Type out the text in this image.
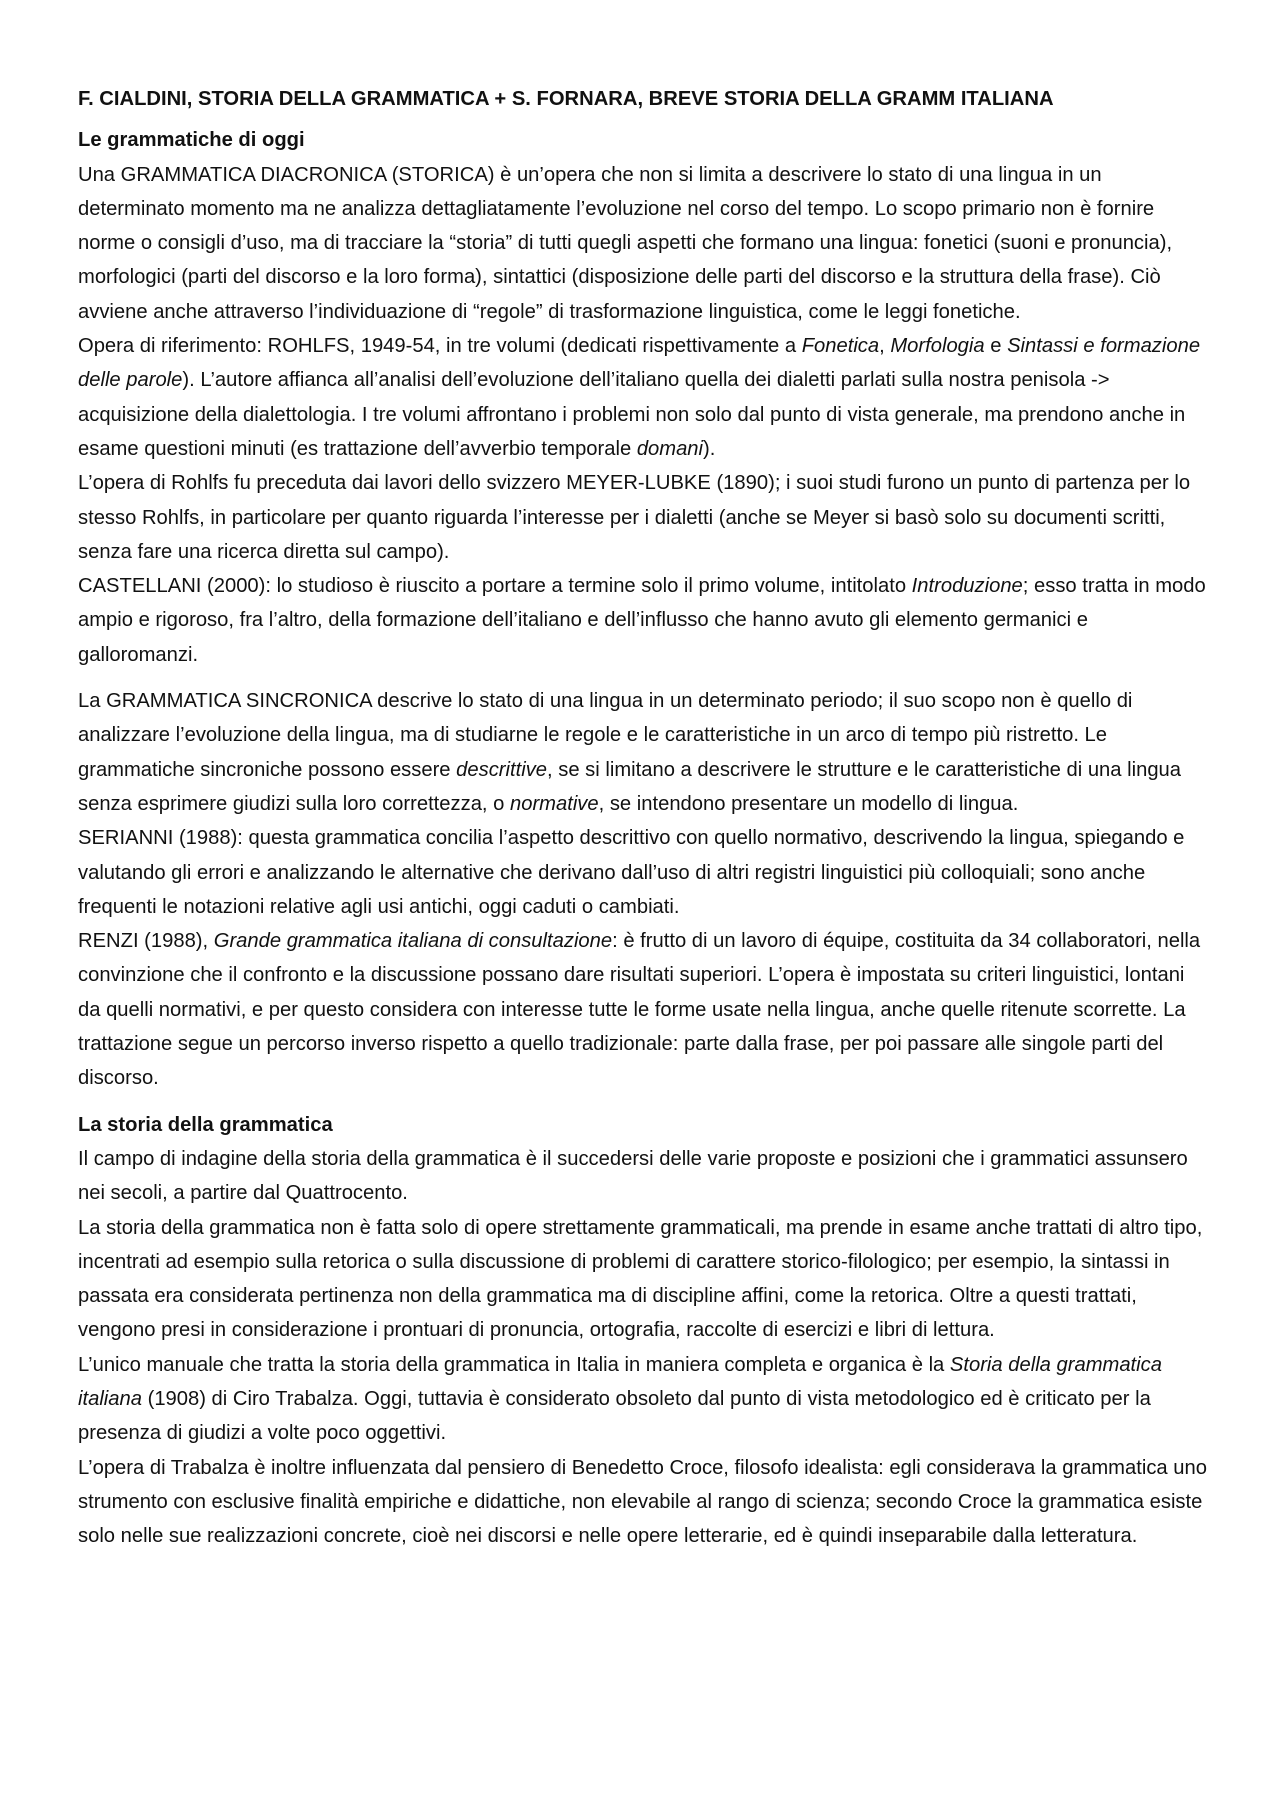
F. CIALDINI, STORIA DELLA GRAMMATICA + S. FORNARA, BREVE STORIA DELLA GRAMM ITALIANA
Le grammatiche di oggi

Una GRAMMATICA DIACRONICA (STORICA) è un’opera che non si limita a descrivere lo stato di una lingua in un determinato momento ma ne analizza dettagliatamente l’evoluzione nel corso del tempo. Lo scopo primario non è fornire norme o consigli d’uso, ma di tracciare la “storia” di tutti quegli aspetti che formano una lingua: fonetici (suoni e pronuncia), morfologici (parti del discorso e la loro forma), sintattici (disposizione delle parti del discorso e la struttura della frase). Ciò avviene anche attraverso l’individuazione di “regole” di trasformazione linguistica, come le leggi fonetiche.

Opera di riferimento: ROHLFS, 1949-54, in tre volumi (dedicati rispettivamente a Fonetica, Morfologia e Sintassi e formazione delle parole). L’autore affianca all’analisi dell’evoluzione dell’italiano quella dei dialetti parlati sulla nostra penisola -> acquisizione della dialettologia. I tre volumi affrontano i problemi non solo dal punto di vista generale, ma prendono anche in esame questioni minuti (es trattazione dell’avverbio temporale domani).

L’opera di Rohlfs fu preceduta dai lavori dello svizzero MEYER-LUBKE (1890); i suoi studi furono un punto di partenza per lo stesso Rohlfs, in particolare per quanto riguarda l’interesse per i dialetti (anche se Meyer si basò solo su documenti scritti, senza fare una ricerca diretta sul campo).

CASTELLANI (2000): lo studioso è riuscito a portare a termine solo il primo volume, intitolato Introduzione; esso tratta in modo ampio e rigoroso, fra l’altro, della formazione dell’italiano e dell’influsso che hanno avuto gli elemento germanici e galloromanzi.

La GRAMMATICA SINCRONICA descrive lo stato di una lingua in un determinato periodo; il suo scopo non è quello di analizzare l’evoluzione della lingua, ma di studiarne le regole e le caratteristiche in un arco di tempo più ristretto. Le grammatiche sincroniche possono essere descrittive, se si limitano a descrivere le strutture e le caratteristiche di una lingua senza esprimere giudizi sulla loro correttezza, o normative, se intendono presentare un modello di lingua.

SERIANNI (1988): questa grammatica concilia l’aspetto descrittivo con quello normativo, descrivendo la lingua, spiegando e valutando gli errori e analizzando le alternative che derivano dall’uso di altri registri linguistici più colloquiali; sono anche frequenti le notazioni relative agli usi antichi, oggi caduti o cambiati.

RENZI (1988), Grande grammatica italiana di consultazione: è frutto di un lavoro di équipe, costituita da 34 collaboratori, nella convinzione che il confronto e la discussione possano dare risultati superiori. L’opera è impostata su criteri linguistici, lontani da quelli normativi, e per questo considera con interesse tutte le forme usate nella lingua, anche quelle ritenute scorrette. La trattazione segue un percorso inverso rispetto a quello tradizionale: parte dalla frase, per poi passare alle singole parti del discorso.

La storia della grammatica

Il campo di indagine della storia della grammatica è il succedersi delle varie proposte e posizioni che i grammatici assunsero nei secoli, a partire dal Quattrocento.

La storia della grammatica non è fatta solo di opere strettamente grammaticali, ma prende in esame anche trattati di altro tipo, incentrati ad esempio sulla retorica o sulla discussione di problemi di carattere storico-filologico; per esempio, la sintassi in passata era considerata pertinenza non della grammatica ma di discipline affini, come la retorica. Oltre a questi trattati, vengono presi in considerazione i prontuari di pronuncia, ortografia, raccolte di esercizi e libri di lettura.

L’unico manuale che tratta la storia della grammatica in Italia in maniera completa e organica è la Storia della grammatica italiana (1908) di Ciro Trabalza. Oggi, tuttavia è considerato obsoleto dal punto di vista metodologico ed è criticato per la presenza di giudizi a volte poco oggettivi.

L’opera di Trabalza è inoltre influenzata dal pensiero di Benedetto Croce, filosofo idealista: egli considerava la grammatica uno strumento con esclusive finalità empiriche e didattiche, non elevabile al rango di scienza; secondo Croce la grammatica esiste solo nelle sue realizzazioni concrete, cioè nei discorsi e nelle opere letterarie, ed è quindi inseparabile dalla letteratura.
